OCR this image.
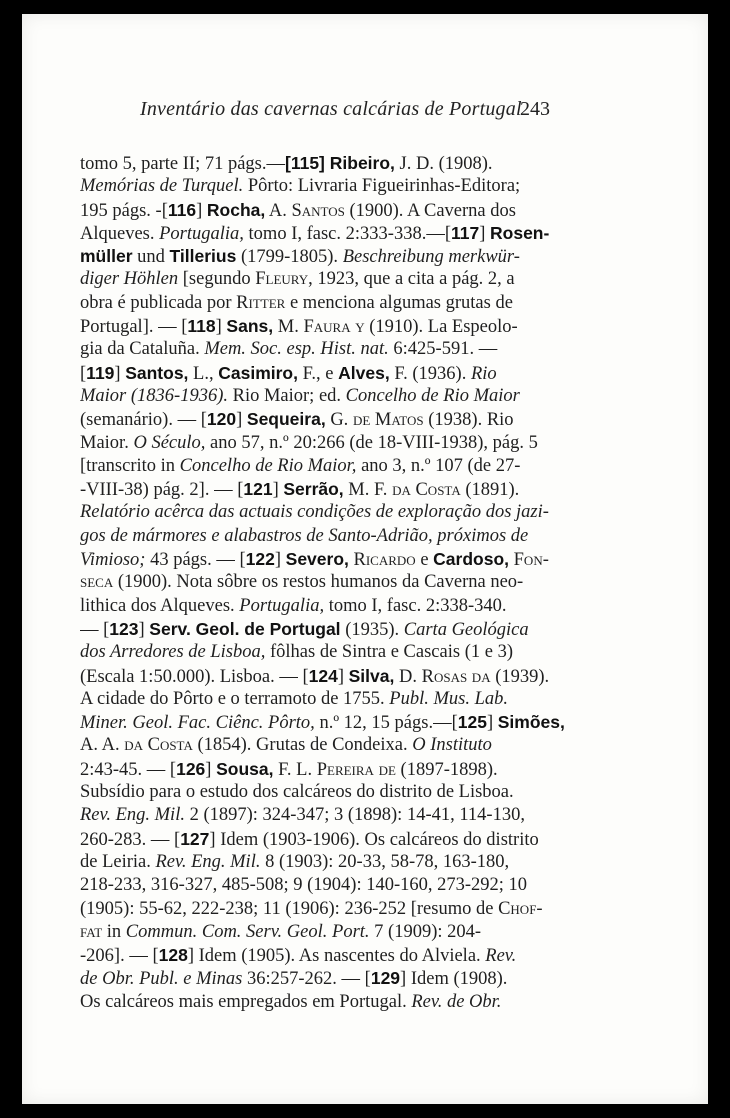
Inventário das cavernas calcárias de Portugal
243
tomo 5, parte II; 71 págs.—[115] Ribeiro, J. D. (1908).
Memórias de Turquel. Pôrto: Livraria Figueirinhas-Editora;
195 págs. -[116] Rocha, A. Santos (1900). A Caverna dos
Alqueves. Portugalia, tomo I, fasc. 2:333-338.—[117] Rosen-
müller und Tillerius (1799-1805). Beschreibung merkwür-
diger Höhlen [segundo Fleury, 1923, que a cita a pág. 2, a
obra é publicada por Ritter e menciona algumas grutas de
Portugal]. — [118] Sans, M. Faura y (1910). La Espeolo-
gia da Cataluña. Mem. Soc. esp. Hist. nat. 6:425-591. —
[119] Santos, L., Casimiro, F., e Alves, F. (1936). Rio
Maior (1836-1936). Rio Maior; ed. Concelho de Rio Maior
(semanário). — [120] Sequeira, G. de Matos (1938). Rio
Maior. O Século, ano 57, n.º 20:266 (de 18-VIII-1938), pág. 5
[transcrito in Concelho de Rio Maior, ano 3, n.º 107 (de 27-
-VIII-38) pág. 2]. — [121] Serrão, M. F. da Costa (1891).
Relatório acêrca das actuais condições de exploração dos jazi-
gos de mármores e alabastros de Santo-Adrião, próximos de
Vimioso; 43 págs. — [122] Severo, Ricardo e Cardoso, Fon-
seca (1900). Nota sôbre os restos humanos da Caverna neo-
lithica dos Alqueves. Portugalia, tomo I, fasc. 2:338-340.
— [123] Serv. Geol. de Portugal (1935). Carta Geológica
dos Arredores de Lisboa, fôlhas de Sintra e Cascais (1 e 3)
(Escala 1:50.000). Lisboa. — [124] Silva, D. Rosas da (1939).
A cidade do Pôrto e o terramoto de 1755. Publ. Mus. Lab.
Miner. Geol. Fac. Ciênc. Pôrto, n.º 12, 15 págs.—[125] Simões,
A. A. da Costa (1854). Grutas de Condeixa. O Instituto
2:43-45. — [126] Sousa, F. L. Pereira de (1897-1898).
Subsídio para o estudo dos calcáreos do distrito de Lisboa.
Rev. Eng. Mil. 2 (1897): 324-347; 3 (1898): 14-41, 114-130,
260-283. — [127] Idem (1903-1906). Os calcáreos do distrito
de Leiria. Rev. Eng. Mil. 8 (1903): 20-33, 58-78, 163-180,
218-233, 316-327, 485-508; 9 (1904): 140-160, 273-292; 10
(1905): 55-62, 222-238; 11 (1906): 236-252 [resumo de Chof-
fat in Commun. Com. Serv. Geol. Port. 7 (1909): 204-
-206]. — [128] Idem (1905). As nascentes do Alviela. Rev.
de Obr. Publ. e Minas 36:257-262. — [129] Idem (1908).
Os calcáreos mais empregados em Portugal. Rev. de Obr.
